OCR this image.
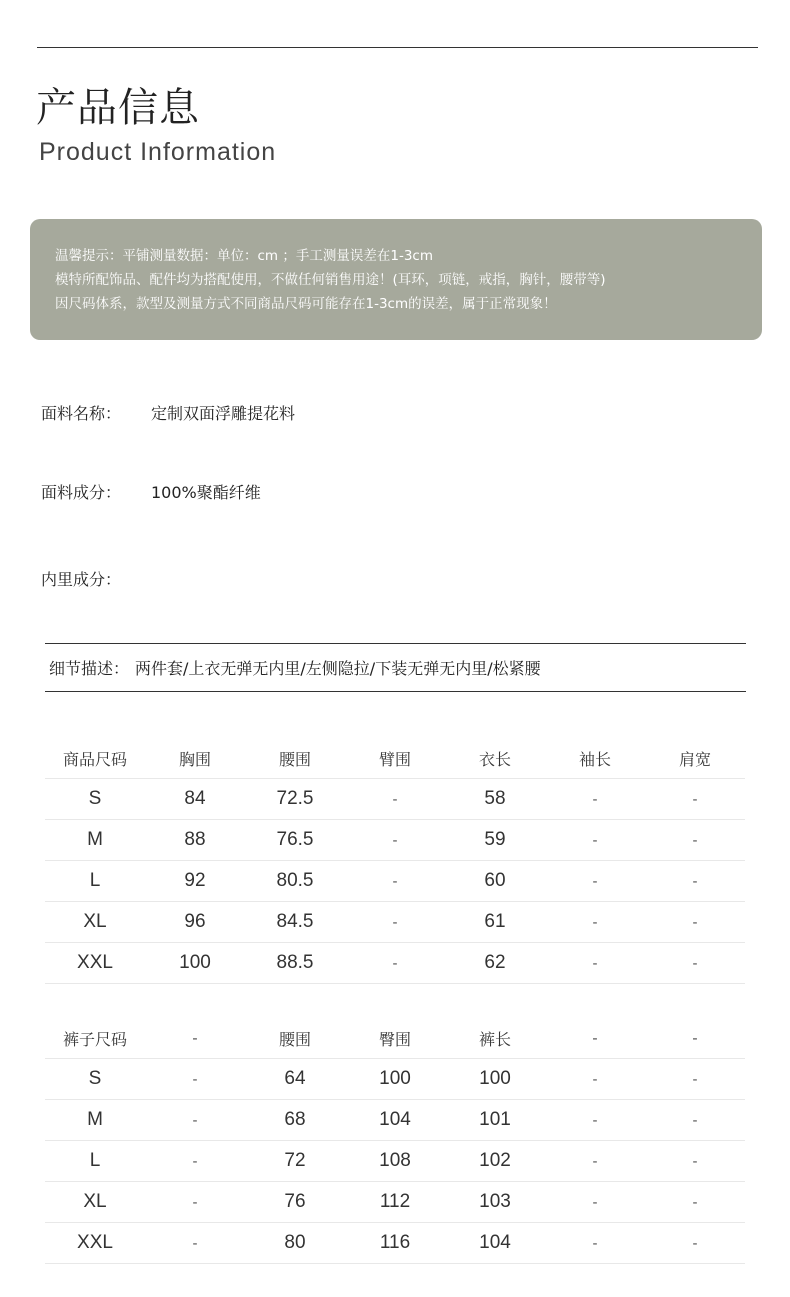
产品信息
Product Information

温馨提示：平铺测量数据：单位：cm ；手工测量误差在1-3cm

模特所配饰品、配件均为搭配使用，不做任何销售用途！(耳环，项链，戒指，胸针，腰带等)

因尺码体系，款型及测量方式不同商品尺码可能存在1-3cm的误差，属于正常现象！

面料名称： 定制双面浮雕提花料
面料成分： 100%聚酯纤维
内里成分：
细节描述： 两件套/上衣无弹无内里/左侧隐拉/下装无弹无内里/松紧腰
商品尺码	胸围	腰围	臂围	衣长	袖长	肩宽
S	84	72.5	-	58	-	-
M	88	76.5	-	59	-	-
L	92	80.5	-	60	-	-
XL	96	84.5	-	61	-	-
XXL	100	88.5	-	62	-	-
裤子尺码	-	腰围	臀围	裤长	-	-
S	-	64	100	100	-	-
M	-	68	104	101	-	-
L	-	72	108	102	-	-
XL	-	76	112	103	-	-
XXL	-	80	116	104	-	-
